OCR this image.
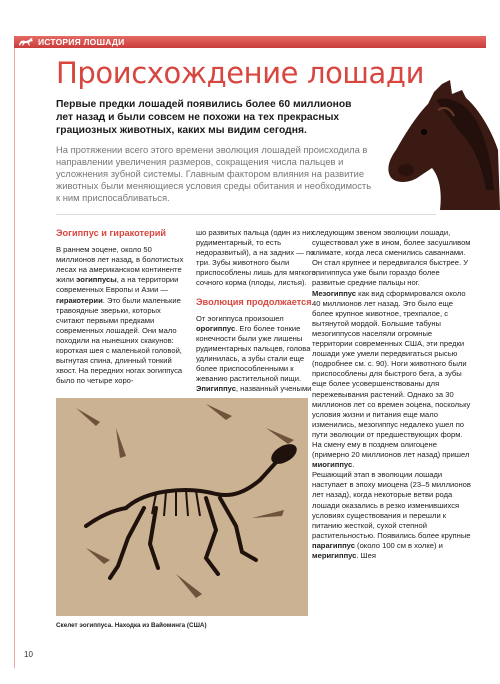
ИСТОРИЯ ЛОШАДИ
Происхождение лошади

Первые предки лошадей появились более 60 миллионов лет назад и были совсем не похожи на тех прекрасных грациозных животных, каких мы видим сегодня.

На протяжении всего этого времени эволюция лошадей происходила в направлении увеличения размеров, сокращения числа пальцев и усложнения зубной системы. Главным фактором влияния на развитие животных были меняющиеся условия среды обитания и необходимость к ним приспосабливаться.

Эогиппус и гиракотерий

В раннем эоцене, около 50 миллионов лет назад, в болотистых лесах на американском континенте жили эогиппусы, а на территории современных Европы и Азии — гиракотерии. Это были маленькие травоядные зверьки, которых считают первыми предками современных лошадей. Они мало походили на нынешних скакунов: короткая шея с маленькой головой, выгнутая спина, длинный тонкий хвост. На передних ногах эогиппуса было по четыре хоро-

шо развитых пальца (один из них рудиментарный, то есть недоразвитый), а на задних — по три. Зубы животного были приспособлены лишь для мягкого, сочного корма (плоды, листья).

Эволюция продолжается

От эогиппуса произошел орогиппус. Его более тонкие конечности были уже лишены рудиментарных пальцев, голова удлинилась, а зубы стали еще более приспособленными к жеванию растительной пищи. Эпигиппус, названный учеными

следующим звеном эволюции лошади, существовал уже в ином, более засушливом климате, когда леса сменились саваннами. Он стал крупнее и передвигался быстрее. У эпигиппуса уже были гораздо более развитые средние пальцы ног.
Мезогиппус как вид сформировался около 40 миллионов лет назад. Это было еще более крупное животное, трехпалое, с вытянутой мордой. Большие табуны мезогиппусов населяли огромные территории современных США, эти предки лошади уже умели передвигаться рысью (подробнее см. с. 90). Ноги животного были приспособлены для быстрого бега, а зубы еще более усовершенствованы для пережевывания растений. Однако за 30 миллионов лет со времен эоцена, поскольку условия жизни и питания еще мало изменились, мезогиппус недалеко ушел по пути эволюции от предшествующих форм. На смену ему в позднем олигоцене (примерно 20 миллионов лет назад) пришел миогиппус.

Решающий этап в эволюции лошади наступает в эпоху миоцена (23–5 миллионов лет назад), когда некоторые ветви рода лошади оказались в резко изменившихся условиях существования и перешли к питанию жесткой, сухой степной растительностью. Появились более крупные парагиппус (около 100 см в холке) и меригиппус. Шея

Скелет эогиппуса. Находка из Вайоминга (США)
10
